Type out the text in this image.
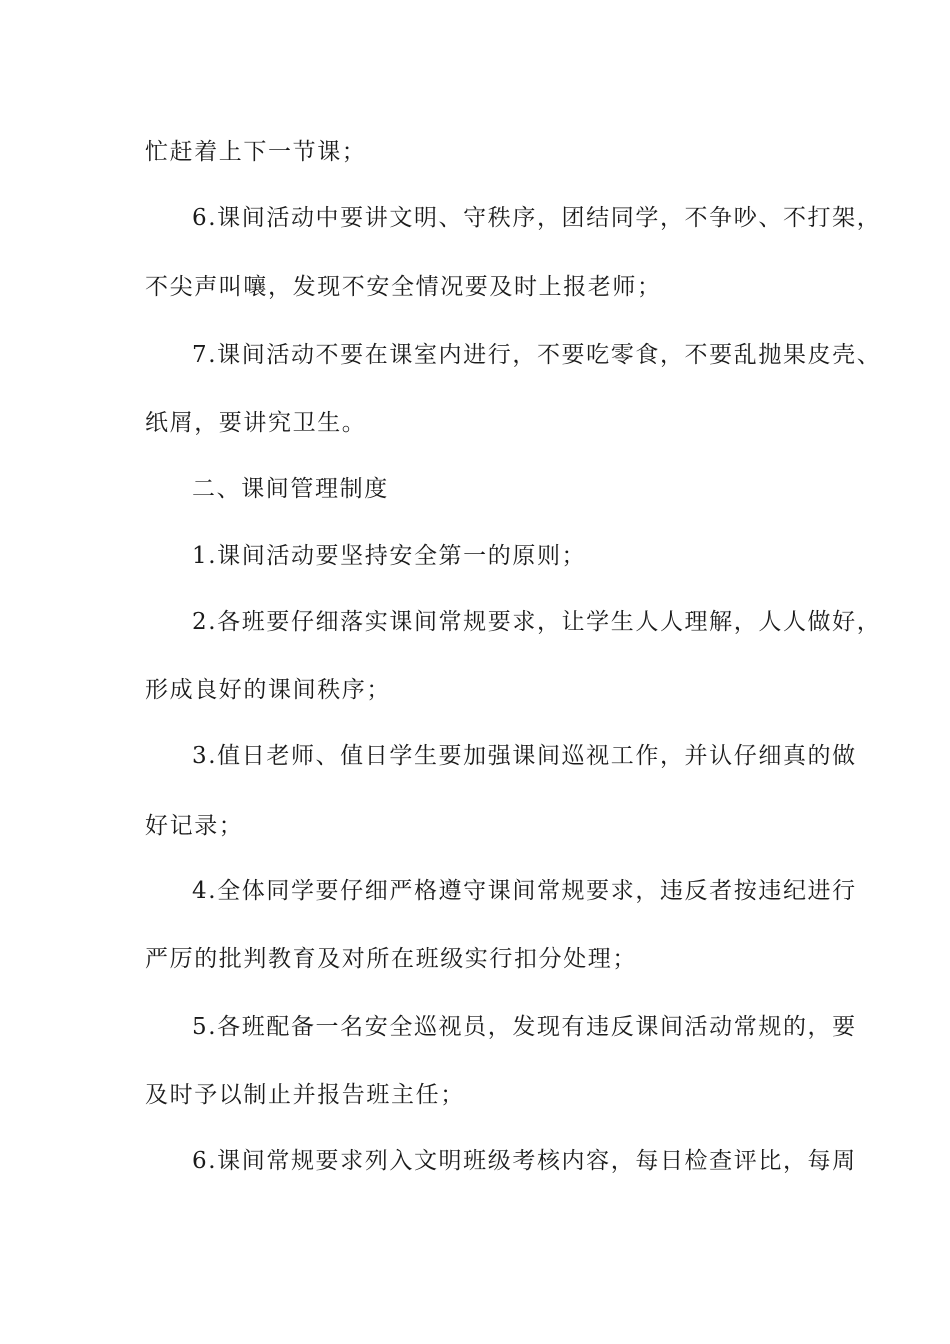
忙赶着上下一节课；
6.课间活动中要讲文明、守秩序，团结同学，不争吵、不打架，
不尖声叫嚷，发现不安全情况要及时上报老师；
7.课间活动不要在课室内进行，不要吃零食，不要乱抛果皮壳、
纸屑，要讲究卫生。
二、课间管理制度
1.课间活动要坚持安全第一的原则；
2.各班要仔细落实课间常规要求，让学生人人理解，人人做好，
形成良好的课间秩序；
3.值日老师、值日学生要加强课间巡视工作，并认仔细真的做
好记录；
4.全体同学要仔细严格遵守课间常规要求，违反者按违纪进行
严厉的批判教育及对所在班级实行扣分处理；
5.各班配备一名安全巡视员，发现有违反课间活动常规的，要
及时予以制止并报告班主任；
6.课间常规要求列入文明班级考核内容，每日检查评比，每周
